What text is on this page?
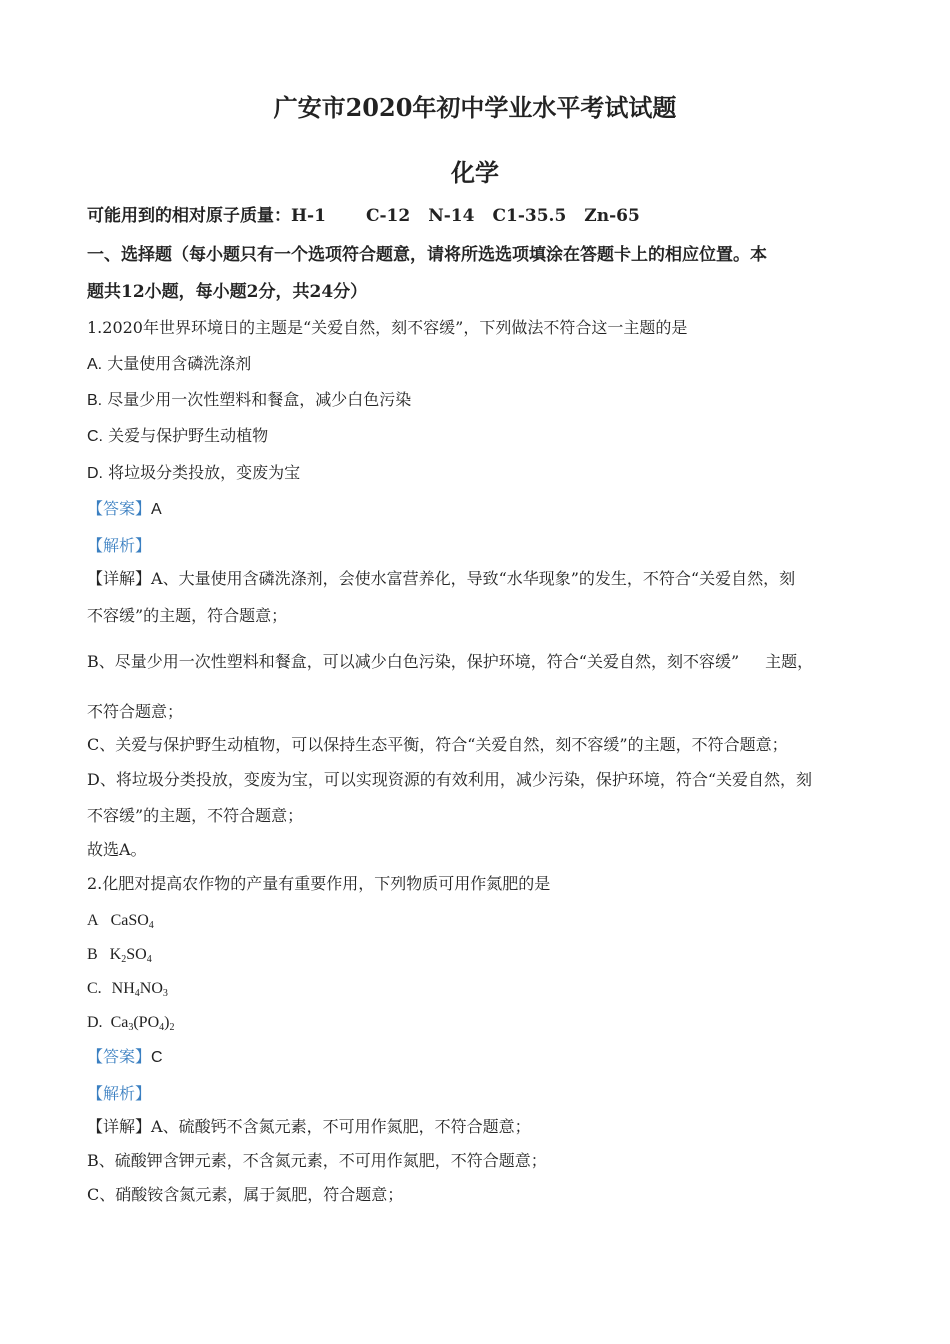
广安市2020年初中学业水平考试试题
化学
可能用到的相对原子质量：H-1 C-12 N-14 C1-35.5 Zn-65
一、选择题（每小题只有一个选项符合题意，请将所选选项填涂在答题卡上的相应位置。本
题共12小题，每小题2分，共24分）
1.2020年世界环境日的主题是“关爱自然，刻不容缓”，下列做法不符合这一主题的是
A. 大量使用含磷洗涤剂
B. 尽量少用一次性塑料和餐盒，减少白色污染
C. 关爱与保护野生动植物
D. 将垃圾分类投放，变废为宝
【答案】A
【解析】
【详解】A、大量使用含磷洗涤剂，会使水富营养化，导致“水华现象”的发生，不符合“关爱自然，刻
不容缓”的主题，符合题意；
B、尽量少用一次性塑料和餐盒，可以减少白色污染，保护环境，符合“关爱自然，刻不容缓” 主题，
不符合题意；
C、关爱与保护野生动植物，可以保持生态平衡，符合“关爱自然，刻不容缓”的主题，不符合题意；
D、将垃圾分类投放，变废为宝，可以实现资源的有效利用，减少污染，保护环境，符合“关爱自然，刻
不容缓”的主题，不符合题意；
故选A。
2.化肥对提高农作物的产量有重要作用，下列物质可用作氮肥的是
A CaSO$_4$
B $K_2SO_4$
C. $NH_4NO_3$
D. $Ca_3(PO_4)_2$
【答案】C
【解析】
【详解】A、硫酸钙不含氮元素，不可用作氮肥，不符合题意；
B、硫酸钾含钾元素，不含氮元素，不可用作氮肥，不符合题意；
C、硝酸铵含氮元素，属于氮肥，符合题意；
